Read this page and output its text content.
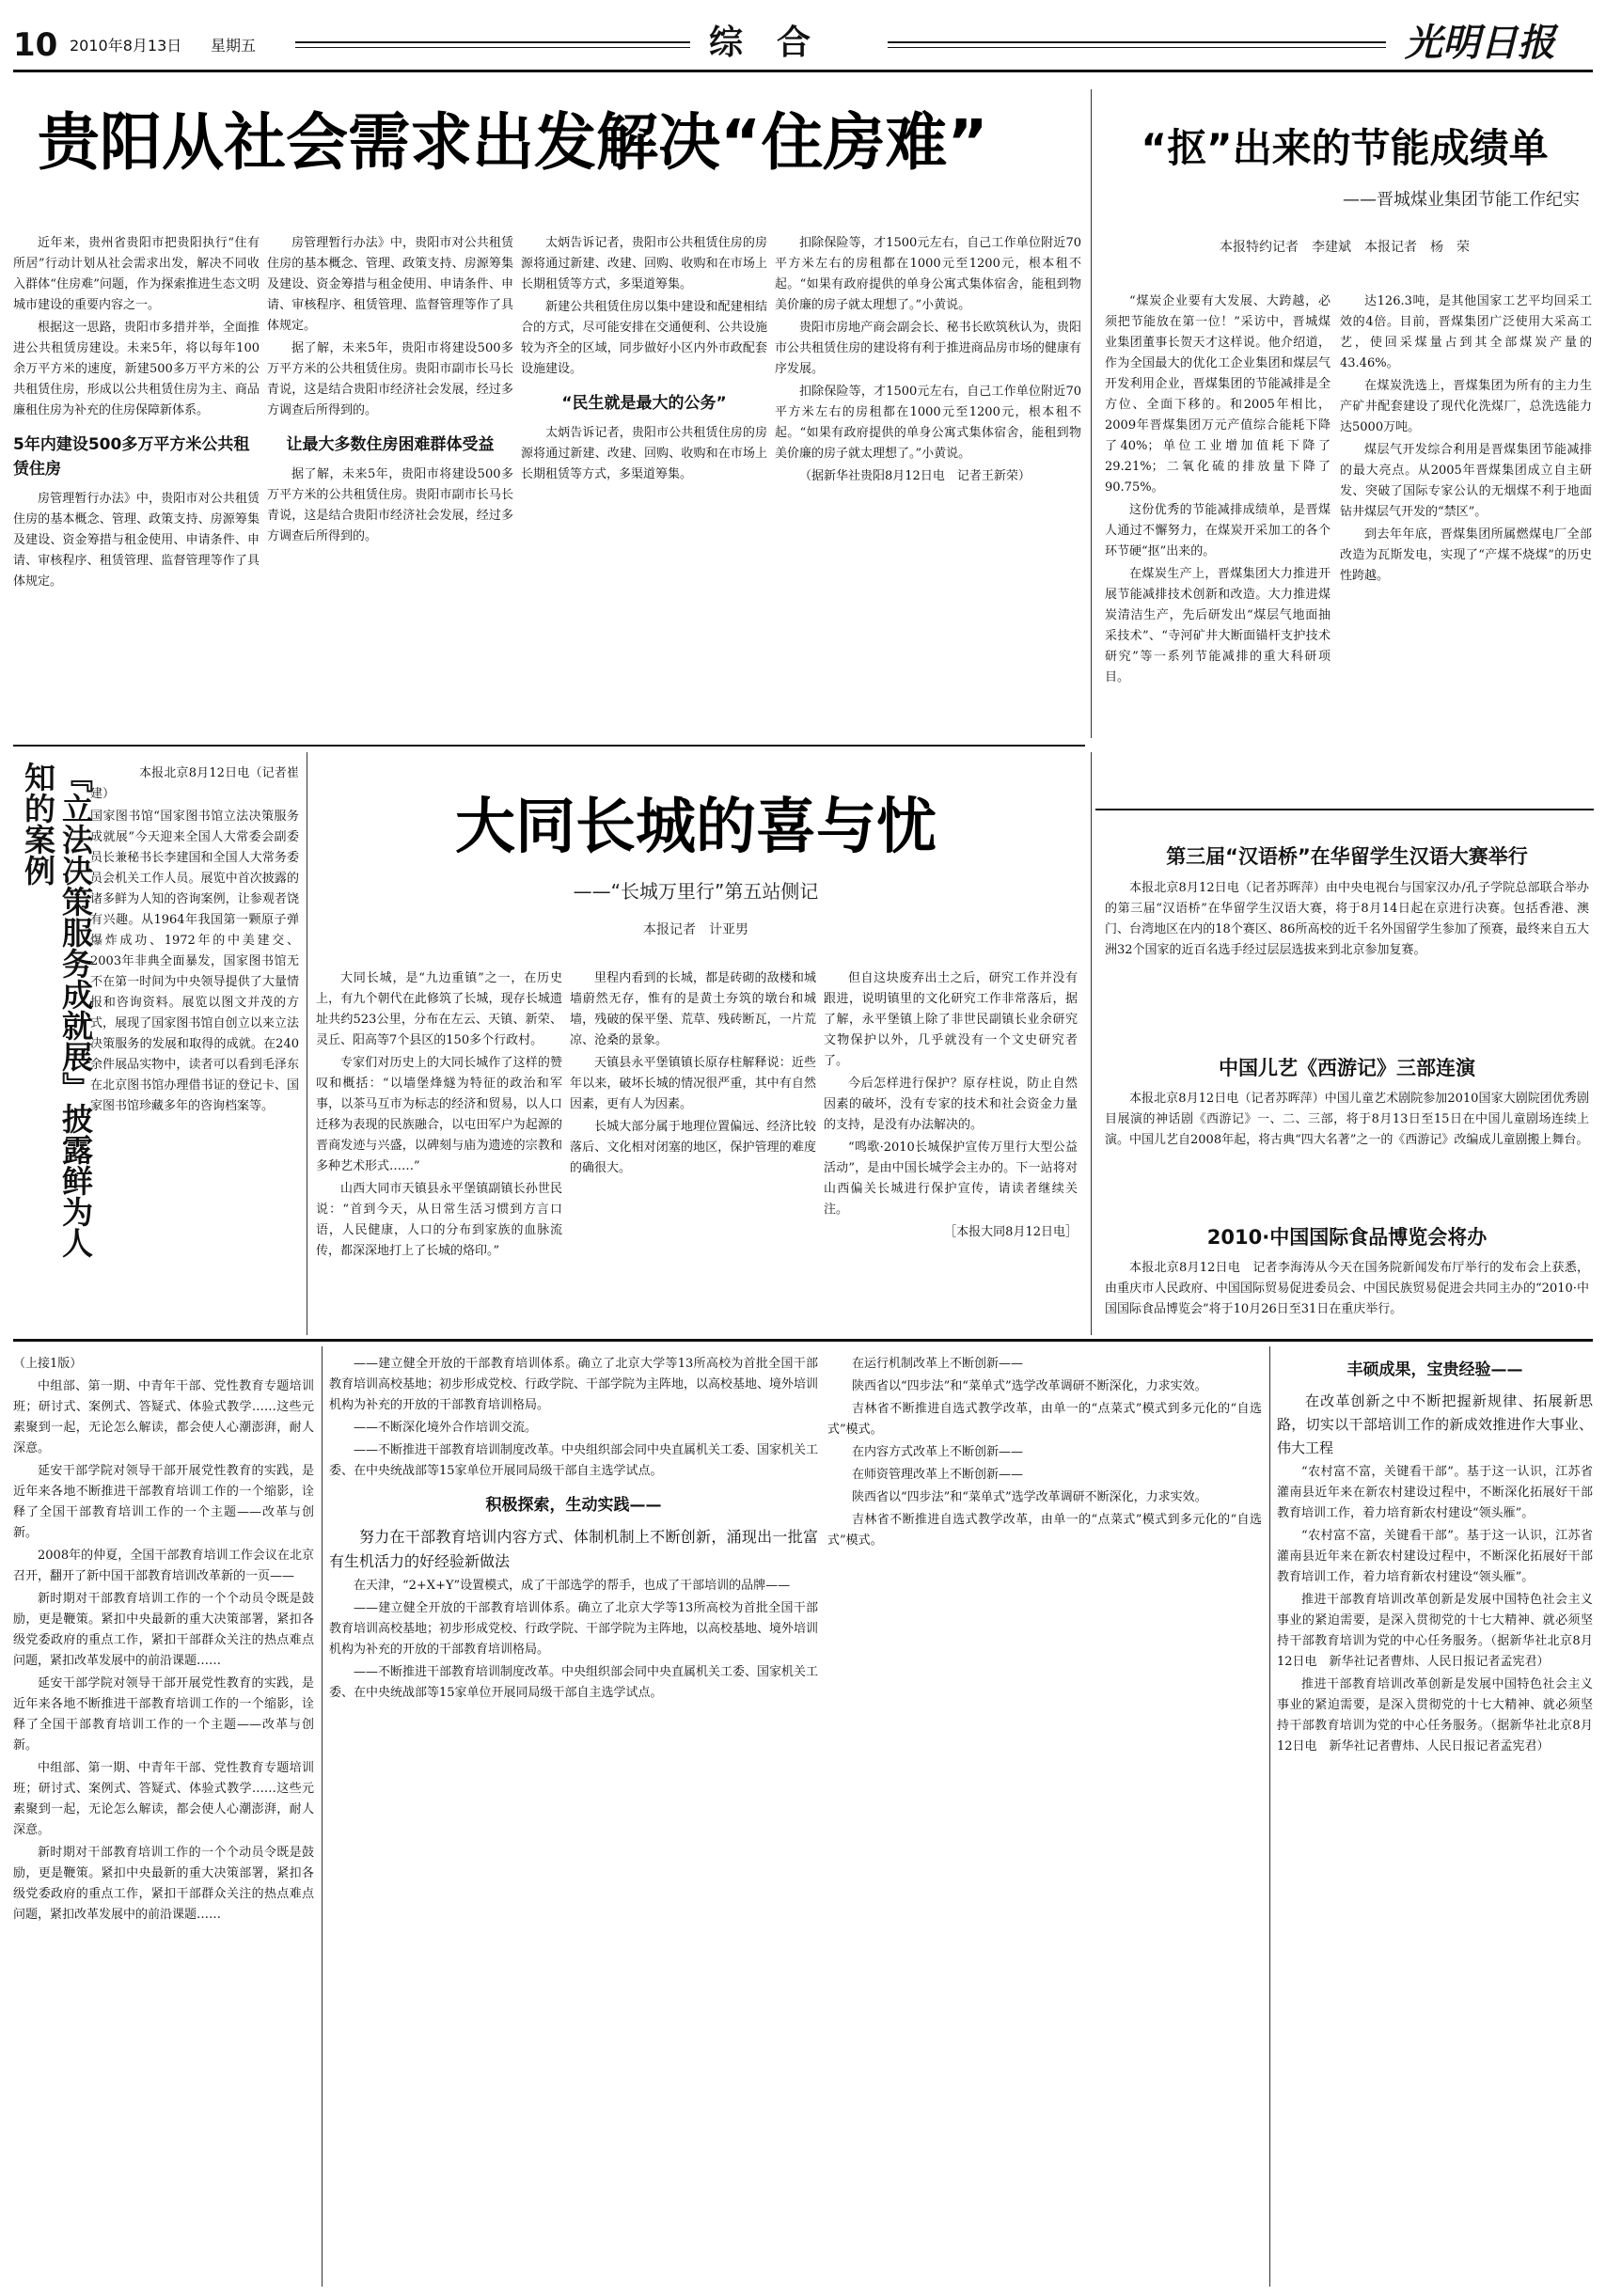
10 2010年8月13日 星期五	综　合	光明日报
贵阳从社会需求出发解决“住房难”

近年来，贵州省贵阳市把贵阳执行“住有所居”行动计划从社会需求出发，解决不同收入群体“住房难”问题，作为探索推进生态文明城市建设的重要内容之一。

根据这一思路，贵阳市多措并举，全面推进公共租赁房建设。未来5年，将以每年100余万平方米的速度，新建500多万平方米的公共租赁住房，形成以公共租赁住房为主、商品廉租住房为补充的住房保障新体系。

5年内建设500多万平方米公共租赁住房

房管理暂行办法》中，贵阳市对公共租赁住房的基本概念、管理、政策支持、房源筹集及建设、资金筹措与租金使用、申请条件、申请、审核程序、租赁管理、监督管理等作了具体规定。

房管理暂行办法》中，贵阳市对公共租赁住房的基本概念、管理、政策支持、房源筹集及建设、资金筹措与租金使用、申请条件、申请、审核程序、租赁管理、监督管理等作了具体规定。

据了解，未来5年，贵阳市将建设500多万平方米的公共租赁住房。贵阳市副市长马长青说，这是结合贵阳市经济社会发展，经过多方调查后所得到的。

让最大多数住房困难群体受益

据了解，未来5年，贵阳市将建设500多万平方米的公共租赁住房。贵阳市副市长马长青说，这是结合贵阳市经济社会发展，经过多方调查后所得到的。

太炳告诉记者，贵阳市公共租赁住房的房源将通过新建、改建、回购、收购和在市场上长期租赁等方式，多渠道筹集。

新建公共租赁住房以集中建设和配建相结合的方式，尽可能安排在交通便利、公共设施较为齐全的区域，同步做好小区内外市政配套设施建设。

“民生就是最大的公务”

太炳告诉记者，贵阳市公共租赁住房的房源将通过新建、改建、回购、收购和在市场上长期租赁等方式，多渠道筹集。

扣除保险等，才1500元左右，自己工作单位附近70平方米左右的房租都在1000元至1200元，根本租不起。“如果有政府提供的单身公寓式集体宿舍，能租到物美价廉的房子就太理想了。”小黄说。

贵阳市房地产商会副会长、秘书长欧筑秋认为，贵阳市公共租赁住房的建设将有利于推进商品房市场的健康有序发展。

扣除保险等，才1500元左右，自己工作单位附近70平方米左右的房租都在1000元至1200元，根本租不起。“如果有政府提供的单身公寓式集体宿舍，能租到物美价廉的房子就太理想了。”小黄说。

（据新华社贵阳8月12日电　记者王新荣）

“抠”出来的节能成绩单
——晋城煤业集团节能工作纪实
本报特约记者　李建斌　本报记者　杨　荣

“煤炭企业要有大发展、大跨越，必须把节能放在第一位！”采访中，晋城煤业集团董事长贺天才这样说。他介绍道，作为全国最大的优化工企业集团和煤层气开发利用企业，晋煤集团的节能减排是全方位、全面下移的。和2005年相比，2009年晋煤集团万元产值综合能耗下降了40%；单位工业增加值耗下降了29.21%；二氧化硫的排放量下降了90.75%。

这份优秀的节能减排成绩单，是晋煤人通过不懈努力，在煤炭开采加工的各个环节硬“抠”出来的。

在煤炭生产上，晋煤集团大力推进开展节能减排技术创新和改造。大力推进煤炭清洁生产，先后研发出“煤层气地面抽采技术”、“寺河矿井大断面锚杆支护技术研究”等一系列节能减排的重大科研项目。

达126.3吨，是其他国家工艺平均回采工效的4倍。目前，晋煤集团广泛使用大采高工艺，使回采煤量占到其全部煤炭产量的43.46%。

在煤炭洗选上，晋煤集团为所有的主力生产矿井配套建设了现代化洗煤厂，总洗选能力达5000万吨。

煤层气开发综合利用是晋煤集团节能减排的最大亮点。从2005年晋煤集团成立自主研发、突破了国际专家公认的无烟煤不利于地面钻井煤层气开发的“禁区”。

到去年年底，晋煤集团所属燃煤电厂全部改造为瓦斯发电，实现了“产煤不烧煤”的历史性跨越。

『立法决策服务成就展』披露鲜为人知的案例	本报北京8月12日电（记者崔建）

国家图书馆“国家图书馆立法决策服务成就展”今天迎来全国人大常委会副委员长兼秘书长李建国和全国人大常务委员会机关工作人员。展览中首次披露的诸多鲜为人知的咨询案例，让参观者饶有兴趣。从1964年我国第一颗原子弹爆炸成功、1972年的中美建交、2003年非典全面暴发，国家图书馆无不在第一时间为中央领导提供了大量情报和咨询资料。展览以图文并茂的方式，展现了国家图书馆自创立以来立法决策服务的发展和取得的成就。在240余件展品实物中，读者可以看到毛泽东在北京图书馆办理借书证的登记卡、国家图书馆珍藏多年的咨询档案等。

大同长城的喜与忧
——“长城万里行”第五站侧记
本报记者　计亚男

大同长城，是“九边重镇”之一，在历史上，有九个朝代在此修筑了长城，现存长城遗址共约523公里，分布在左云、天镇、新荣、灵丘、阳高等7个县区的150多个行政村。

专家们对历史上的大同长城作了这样的赞叹和概括：“以墙堡烽燧为特征的政治和军事，以茶马互市为标志的经济和贸易，以人口迁移为表现的民族融合，以屯田军户为起源的晋商发迹与兴盛，以碑刻与庙为遗迹的宗教和多种艺术形式……”

山西大同市天镇县永平堡镇副镇长孙世民说：“首到今天，从日常生活习惯到方言口语，人民健康，人口的分布到家族的血脉流传，都深深地打上了长城的烙印。”

里程内看到的长城，都是砖砌的敌楼和城墙蔚然无存，惟有的是黄土夯筑的墩台和城墙，残破的保平堡、荒草、残砖断瓦，一片荒凉、沧桑的景象。

天镇县永平堡镇镇长原存柱解释说：近些年以来，破坏长城的情况很严重，其中有自然因素，更有人为因素。

长城大部分属于地理位置偏远、经济比较落后、文化相对闭塞的地区，保护管理的难度的确很大。

但自这块废弃出土之后，研究工作并没有跟进，说明镇里的文化研究工作非常落后，据了解，永平堡镇上除了非世民副镇长业余研究文物保护以外，几乎就没有一个文史研究者了。

今后怎样进行保护？原存柱说，防止自然因素的破坏，没有专家的技术和社会资金力量的支持，是没有办法解决的。

“鸣歌·2010长城保护宣传万里行大型公益活动”，是由中国长城学会主办的。下一站将对山西偏关长城进行保护宣传，请读者继续关注。

［本报大同8月12日电］

第三届“汉语桥”在华留学生汉语大赛举行

本报北京8月12日电（记者苏晖萍）由中央电视台与国家汉办/孔子学院总部联合举办的第三届“汉语桥”在华留学生汉语大赛，将于8月14日起在京进行决赛。包括香港、澳门、台湾地区在内的18个赛区、86所高校的近千名外国留学生参加了预赛，最终来自五大洲32个国家的近百名选手经过层层选拔来到北京参加复赛。

中国儿艺《西游记》三部连演

本报北京8月12日电（记者苏晖萍）中国儿童艺术剧院参加2010国家大剧院团优秀剧目展演的神话剧《西游记》一、二、三部，将于8月13日至15日在中国儿童剧场连续上演。中国儿艺自2008年起，将古典“四大名著”之一的《西游记》改编成儿童剧搬上舞台。

2010·中国国际食品博览会将办

本报北京8月12日电　记者李海涛从今天在国务院新闻发布厅举行的发布会上获悉，由重庆市人民政府、中国国际贸易促进委员会、中国民族贸易促进会共同主办的“2010·中国国际食品博览会”将于10月26日至31日在重庆举行。

（上接1版）

中组部、第一期、中青年干部、党性教育专题培训班；研讨式、案例式、答疑式、体验式教学……这些元素聚到一起，无论怎么解读，都会使人心潮澎湃，耐人深意。

延安干部学院对领导干部开展党性教育的实践，是近年来各地不断推进干部教育培训工作的一个缩影，诠释了全国干部教育培训工作的一个主题——改革与创新。

2008年的仲夏，全国干部教育培训工作会议在北京召开，翻开了新中国干部教育培训改革新的一页——

新时期对干部教育培训工作的一个个动员令既是鼓励，更是鞭策。紧扣中央最新的重大决策部署，紧扣各级党委政府的重点工作，紧扣干部群众关注的热点难点问题，紧扣改革发展中的前沿课题……

延安干部学院对领导干部开展党性教育的实践，是近年来各地不断推进干部教育培训工作的一个缩影，诠释了全国干部教育培训工作的一个主题——改革与创新。

中组部、第一期、中青年干部、党性教育专题培训班；研讨式、案例式、答疑式、体验式教学……这些元素聚到一起，无论怎么解读，都会使人心潮澎湃，耐人深意。

新时期对干部教育培训工作的一个个动员令既是鼓励，更是鞭策。紧扣中央最新的重大决策部署，紧扣各级党委政府的重点工作，紧扣干部群众关注的热点难点问题，紧扣改革发展中的前沿课题……

——建立健全开放的干部教育培训体系。确立了北京大学等13所高校为首批全国干部教育培训高校基地；初步形成党校、行政学院、干部学院为主阵地，以高校基地、境外培训机构为补充的开放的干部教育培训格局。

——不断深化境外合作培训交流。

——不断推进干部教育培训制度改革。中央组织部会同中央直属机关工委、国家机关工委、在中央统战部等15家单位开展同局级干部自主选学试点。

积极探索，生动实践——

努力在干部教育培训内容方式、体制机制上不断创新，涌现出一批富有生机活力的好经验新做法

在天津，“2+X+Y”设置模式，成了干部选学的帮手，也成了干部培训的品牌——

——建立健全开放的干部教育培训体系。确立了北京大学等13所高校为首批全国干部教育培训高校基地；初步形成党校、行政学院、干部学院为主阵地，以高校基地、境外培训机构为补充的开放的干部教育培训格局。

——不断推进干部教育培训制度改革。中央组织部会同中央直属机关工委、国家机关工委、在中央统战部等15家单位开展同局级干部自主选学试点。

在运行机制改革上不断创新——

陕西省以“四步法”和“菜单式”选学改革调研不断深化，力求实效。

吉林省不断推进自选式教学改革，由单一的“点菜式”模式到多元化的“自选式”模式。

在内容方式改革上不断创新——

在师资管理改革上不断创新——

陕西省以“四步法”和“菜单式”选学改革调研不断深化，力求实效。

吉林省不断推进自选式教学改革，由单一的“点菜式”模式到多元化的“自选式”模式。

丰硕成果，宝贵经验——

在改革创新之中不断把握新规律、拓展新思路，切实以干部培训工作的新成效推进作大事业、伟大工程

“农村富不富，关键看干部”。基于这一认识，江苏省灌南县近年来在新农村建设过程中，不断深化拓展好干部教育培训工作，着力培育新农村建设“领头雁”。

“农村富不富，关键看干部”。基于这一认识，江苏省灌南县近年来在新农村建设过程中，不断深化拓展好干部教育培训工作，着力培育新农村建设“领头雁”。

推进干部教育培训改革创新是发展中国特色社会主义事业的紧迫需要，是深入贯彻党的十七大精神、就必须坚持干部教育培训为党的中心任务服务。（据新华社北京8月12日电　新华社记者曹炜、人民日报记者孟宪君）

推进干部教育培训改革创新是发展中国特色社会主义事业的紧迫需要，是深入贯彻党的十七大精神、就必须坚持干部教育培训为党的中心任务服务。（据新华社北京8月12日电　新华社记者曹炜、人民日报记者孟宪君）
